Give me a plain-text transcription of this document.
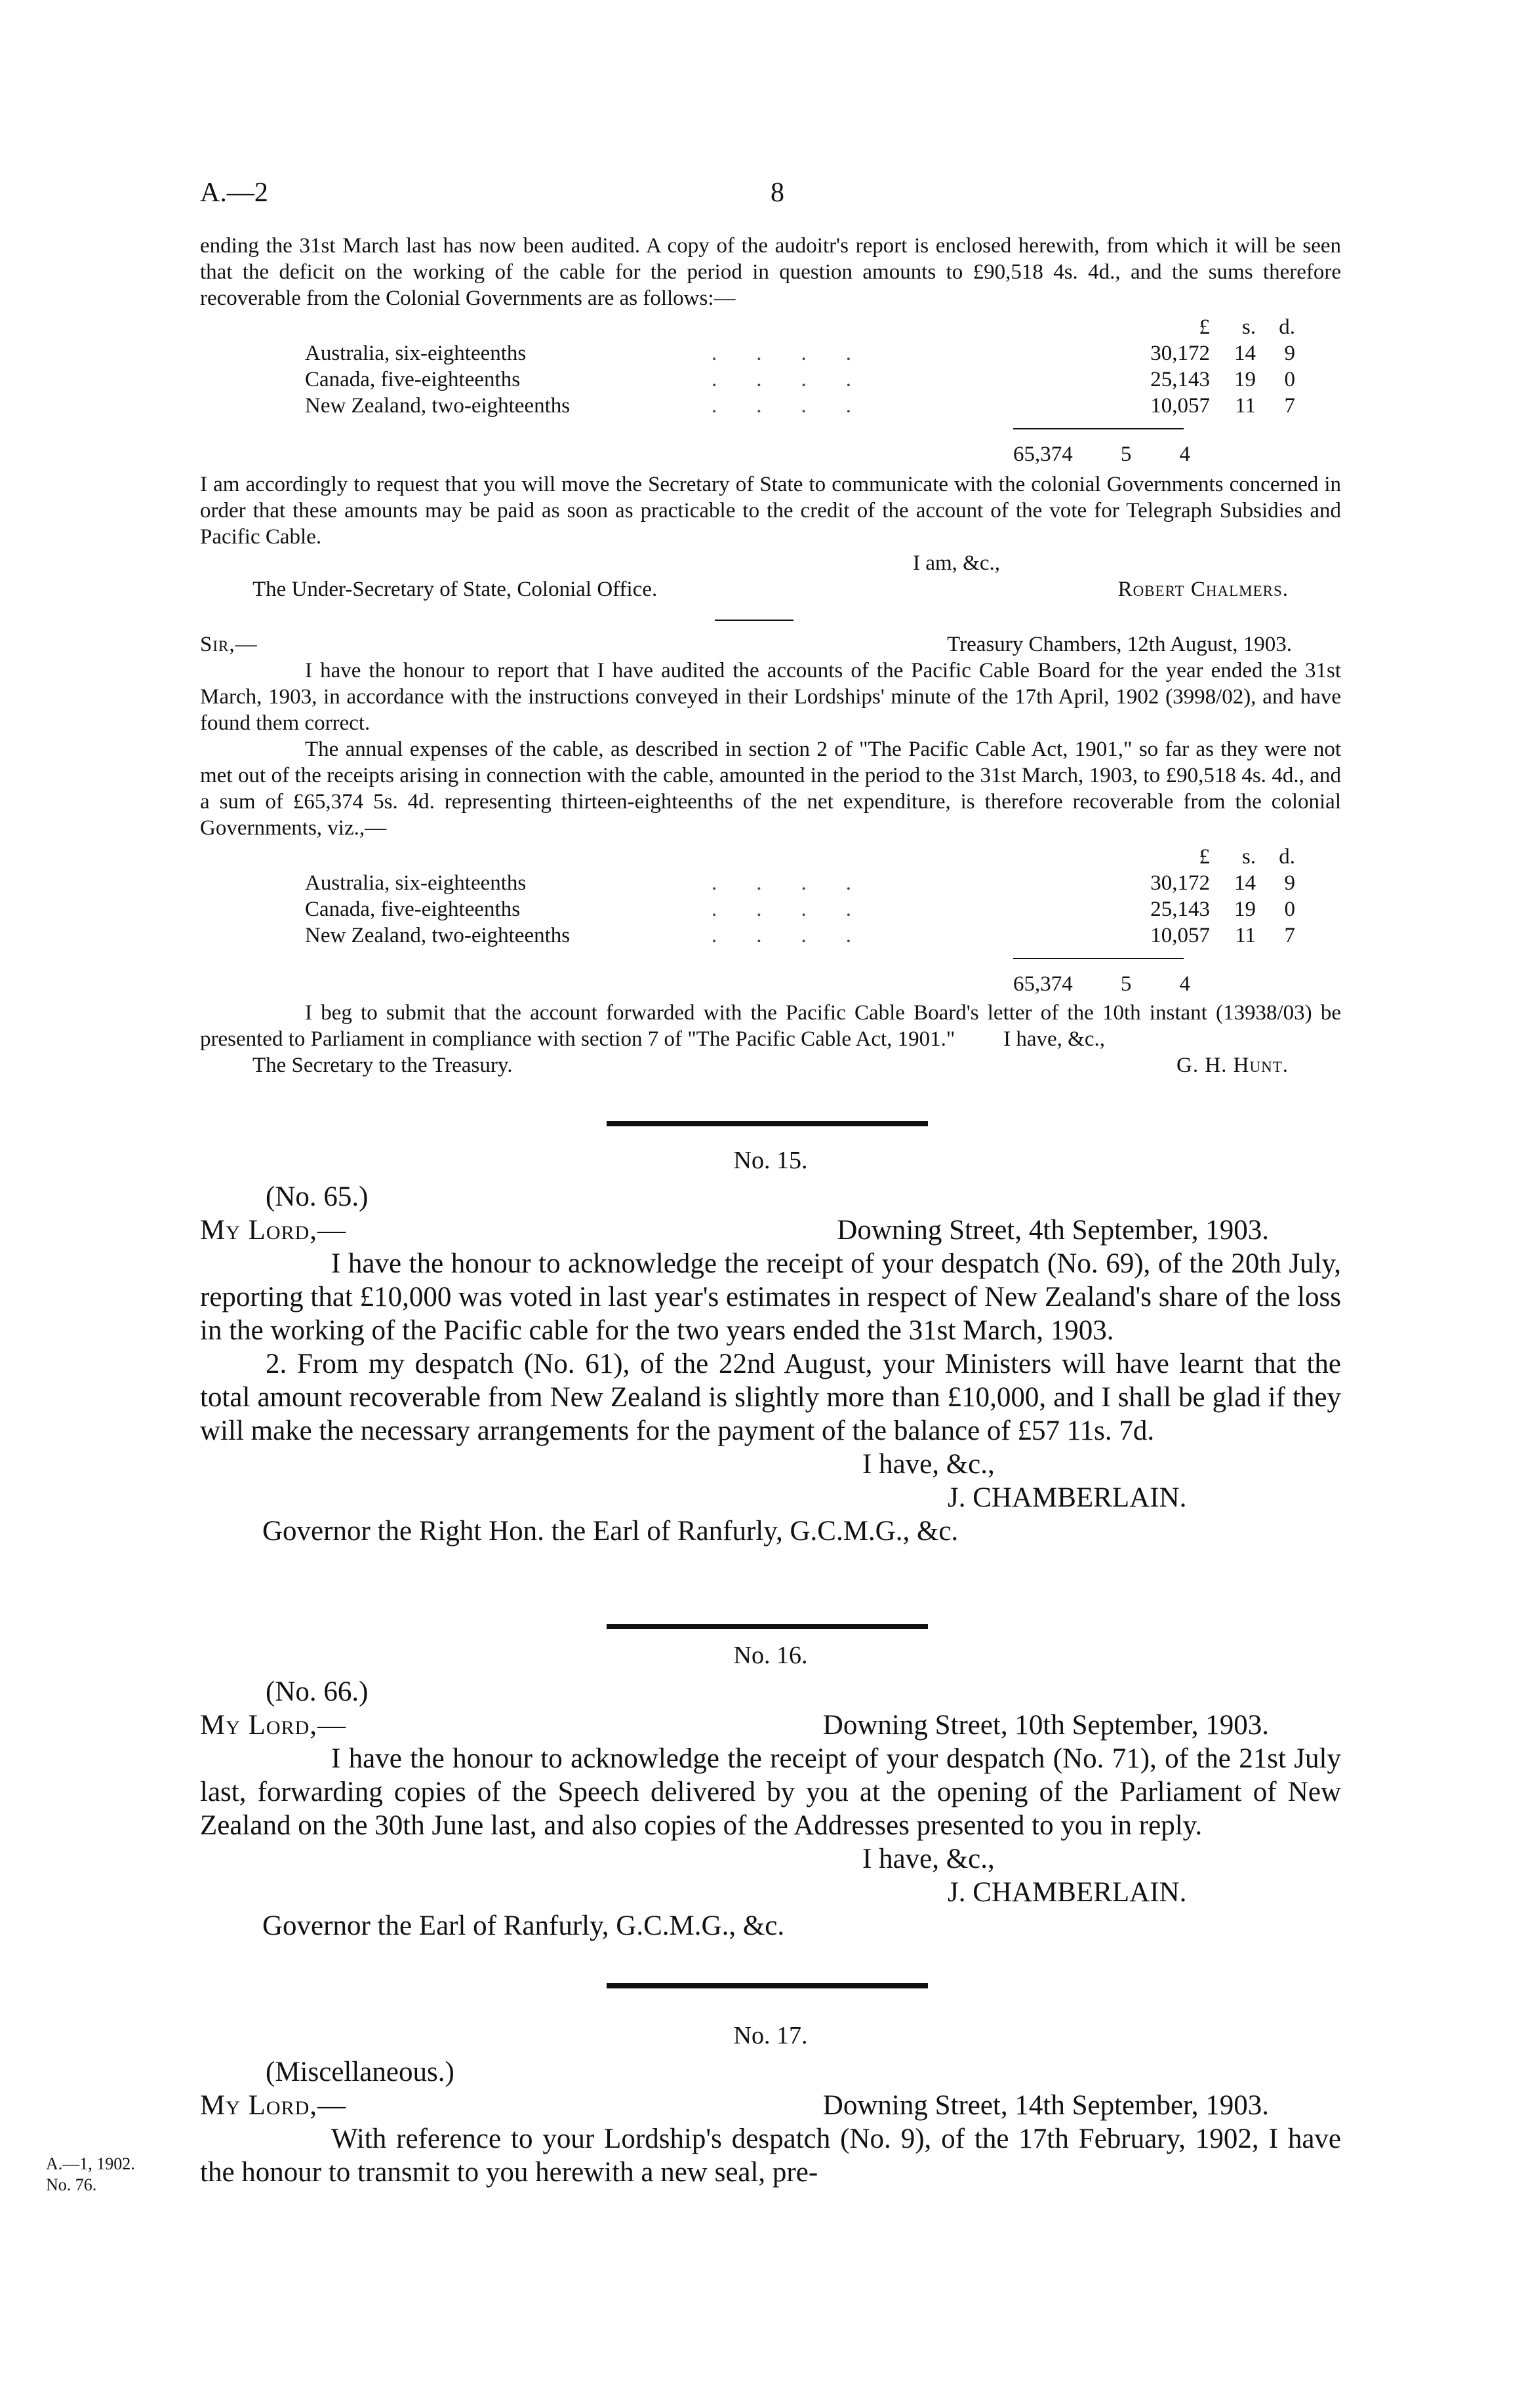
A.—2	8

ending the 31st March last has now been audited. A copy of the audoitr's report is enclosed herewith, from which it will be seen that the deficit on the working of the cable for the period in question amounts to £90,518 4s. 4d., and the sums therefore recoverable from the Colonial Governments are as follows:—

£	s.	d.
Australia, six-eighteenths	....	30,172	14	9
Canada, five-eighteenths	....	25,143	19	0
New Zealand, two-eighteenths	....	10,057	11	7
65,374 5 4

I am accordingly to request that you will move the Secretary of State to communicate with the colonial Governments concerned in order that these amounts may be paid as soon as practicable to the credit of the account of the vote for Telegraph Subsidies and Pacific Cable.

I am, &c.,
The Under-Secretary of State, Colonial Office.	Robert Chalmers.
Sir,—	Treasury Chambers, 12th August, 1903.

I have the honour to report that I have audited the accounts of the Pacific Cable Board for the year ended the 31st March, 1903, in accordance with the instructions conveyed in their Lordships' minute of the 17th April, 1902 (3998/02), and have found them correct.

The annual expenses of the cable, as described in section 2 of "The Pacific Cable Act, 1901," so far as they were not met out of the receipts arising in connection with the cable, amounted in the period to the 31st March, 1903, to £90,518 4s. 4d., and a sum of £65,374 5s. 4d. representing thirteen-eighteenths of the net expenditure, is therefore recoverable from the colonial Governments, viz.,—

£	s.	d.
Australia, six-eighteenths	....	30,172	14	9
Canada, five-eighteenths	....	25,143	19	0
New Zealand, two-eighteenths	....	10,057	11	7
65,374 5 4

I beg to submit that the account forwarded with the Pacific Cable Board's letter of the 10th instant (13938/03) be presented to Parliament in compliance with section 7 of "The Pacific Cable Act, 1901."	I have, &c.,
The Secretary to the Treasury.	G. H. Hunt.
No. 15.
(No. 65.)
My Lord,—	Downing Street, 4th September, 1903.

I have the honour to acknowledge the receipt of your despatch (No. 69), of the 20th July, reporting that £10,000 was voted in last year's estimates in respect of New Zealand's share of the loss in the working of the Pacific cable for the two years ended the 31st March, 1903.

2. From my despatch (No. 61), of the 22nd August, your Ministers will have learnt that the total amount recoverable from New Zealand is slightly more than £10,000, and I shall be glad if they will make the necessary arrangements for the payment of the balance of £57 11s. 7d.

I have, &c.,
J. CHAMBERLAIN.
Governor the Right Hon. the Earl of Ranfurly, G.C.M.G., &c.
No. 16.
(No. 66.)
My Lord,—	Downing Street, 10th September, 1903.

I have the honour to acknowledge the receipt of your despatch (No. 71), of the 21st July last, forwarding copies of the Speech delivered by you at the opening of the Parliament of New Zealand on the 30th June last, and also copies of the Addresses presented to you in reply.

I have, &c.,
J. CHAMBERLAIN.
Governor the Earl of Ranfurly, G.C.M.G., &c.
No. 17.
(Miscellaneous.)
My Lord,—	Downing Street, 14th September, 1903.

With reference to your Lordship's despatch (No. 9), of the 17th February, 1902, I have the honour to transmit to you herewith a new seal, pre-

A.—1, 1902.
No. 76.
